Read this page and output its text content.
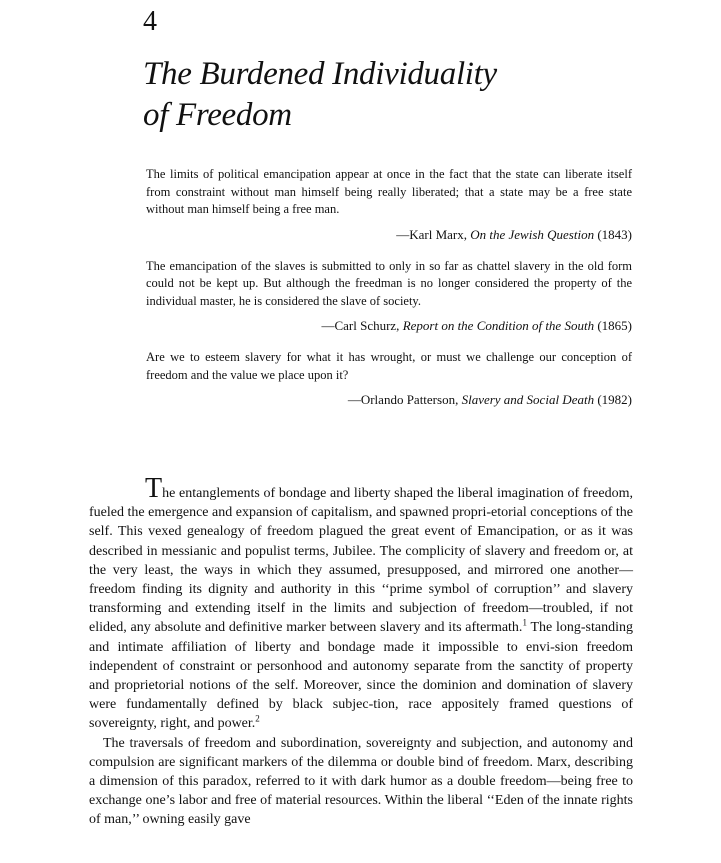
4
The Burdened Individuality
of Freedom

The limits of political emancipation appear at once in the fact that the state can liberate itself from constraint without man himself being really liberated; that a state may be a free state without man himself being a free man.

—Karl Marx, On the Jewish Question (1843)

The emancipation of the slaves is submitted to only in so far as chattel slavery in the old form could not be kept up. But although the freedman is no longer considered the property of the individual master, he is considered the slave of society.

—Carl Schurz, Report on the Condition of the South (1865)

Are we to esteem slavery for what it has wrought, or must we challenge our conception of freedom and the value we place upon it?

—Orlando Patterson, Slavery and Social Death (1982)

The entanglements of bondage and liberty shaped the liberal imagination of freedom, fueled the emergence and expansion of capitalism, and spawned propri-etorial conceptions of the self. This vexed genealogy of freedom plagued the great event of Emancipation, or as it was described in messianic and populist terms, Jubilee. The complicity of slavery and freedom or, at the very least, the ways in which they assumed, presupposed, and mirrored one another—freedom finding its dignity and authority in this ‘‘prime symbol of corruption’’ and slavery transforming and extending itself in the limits and subjection of freedom—troubled, if not elided, any absolute and definitive marker between slavery and its aftermath.$^1$ The long-standing and intimate affiliation of liberty and bondage made it impossible to envi-sion freedom independent of constraint or personhood and autonomy separate from the sanctity of property and proprietorial notions of the self. Moreover, since the dominion and domination of slavery were fundamentally defined by black subjec-tion, race appositely framed questions of sovereignty, right, and power.$^2$

The traversals of freedom and subordination, sovereignty and subjection, and autonomy and compulsion are significant markers of the dilemma or double bind of freedom. Marx, describing a dimension of this paradox, referred to it with dark humor as a double freedom—being free to exchange one’s labor and free of material resources. Within the liberal ‘‘Eden of the innate rights of man,’’ owning easily gave
